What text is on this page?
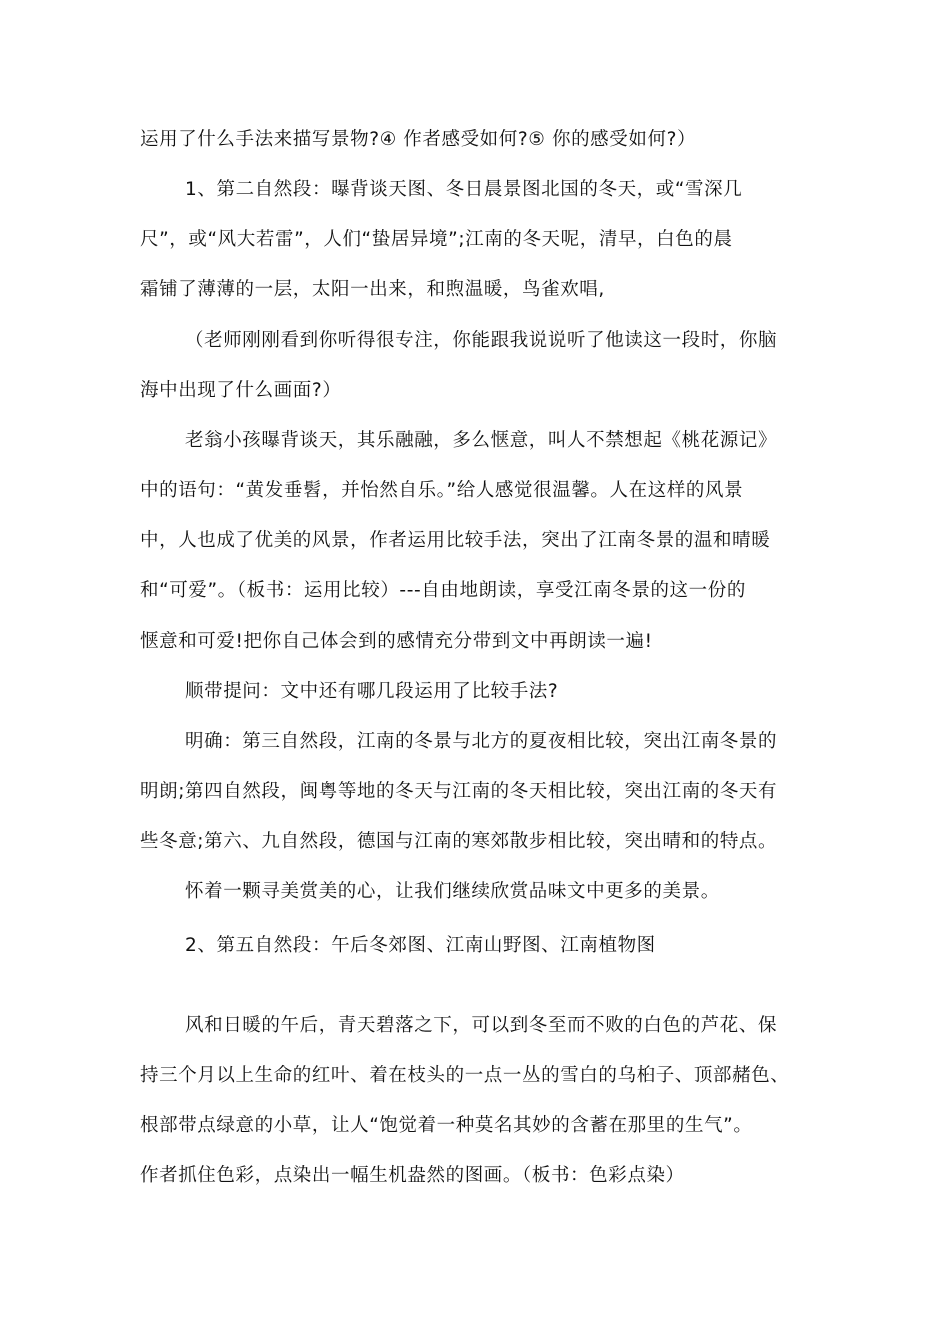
运用了什么手法来描写景物?④ 作者感受如何?⑤ 你的感受如何?）

1、第二自然段：曝背谈天图、冬日晨景图北国的冬天，或“雪深几

尺”，或“风大若雷”，人们“蛰居异境”;江南的冬天呢，清早，白色的晨

霜铺了薄薄的一层，太阳一出来，和煦温暖，鸟雀欢唱,

（老师刚刚看到你听得很专注，你能跟我说说听了他读这一段时，你脑

海中出现了什么画面?）

老翁小孩曝背谈天，其乐融融，多么惬意，叫人不禁想起《桃花源记》

中的语句：“黄发垂髫，并怡然自乐。”给人感觉很温馨。人在这样的风景

中，人也成了优美的风景，作者运用比较手法，突出了江南冬景的温和晴暖

和“可爱”。（板书：运用比较）---自由地朗读，享受江南冬景的这一份的

惬意和可爱!把你自己体会到的感情充分带到文中再朗读一遍!

顺带提问：文中还有哪几段运用了比较手法?

明确：第三自然段，江南的冬景与北方的夏夜相比较，突出江南冬景的

明朗;第四自然段，闽粤等地的冬天与江南的冬天相比较，突出江南的冬天有

些冬意;第六、九自然段，德国与江南的寒郊散步相比较，突出晴和的特点。

怀着一颗寻美赏美的心，让我们继续欣赏品味文中更多的美景。

2、第五自然段：午后冬郊图、江南山野图、江南植物图

风和日暖的午后，青天碧落之下，可以到冬至而不败的白色的芦花、保

持三个月以上生命的红叶、着在枝头的一点一丛的雪白的乌桕子、顶部赭色、

根部带点绿意的小草，让人“饱觉着一种莫名其妙的含蓄在那里的生气”。

作者抓住色彩，点染出一幅生机盎然的图画。（板书：色彩点染）
